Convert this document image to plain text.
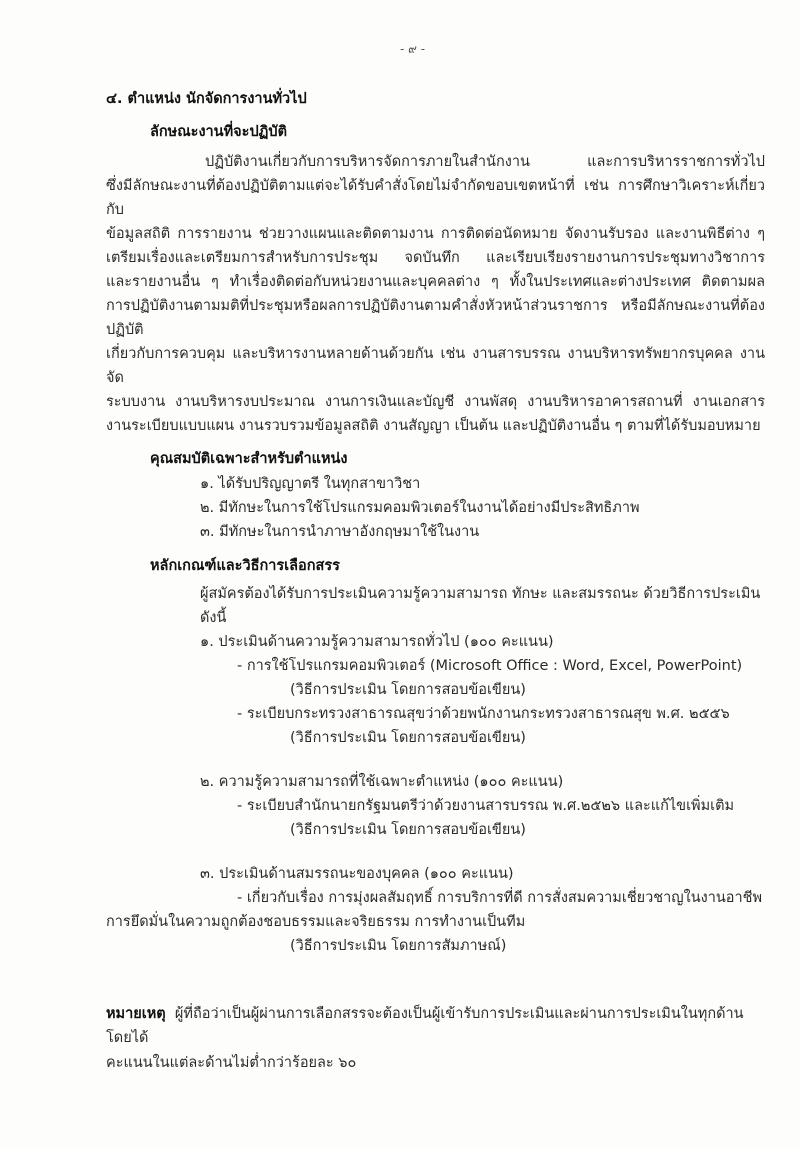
- ๙ -
๔. ตำแหน่ง นักจัดการงานทั่วไป
ลักษณะงานที่จะปฏิบัติ
ปฏิบัติงานเกี่ยวกับการบริหารจัดการภายในสำนักงาน และการบริหารราชการทั่วไป
ซึ่งมีลักษณะงานที่ต้องปฏิบัติตามแต่จะได้รับคำสั่งโดยไม่จำกัดขอบเขตหน้าที่ เช่น การศึกษาวิเคราะห์เกี่ยวกับ
ข้อมูลสถิติ การรายงาน ช่วยวางแผนและติดตามงาน การติดต่อนัดหมาย จัดงานรับรอง และงานพิธีต่าง ๆ
เตรียมเรื่องและเตรียมการสำหรับการประชุม จดบันทึก และเรียบเรียงรายงานการประชุมทางวิชาการ
และรายงานอื่น ๆ ทำเรื่องติดต่อกับหน่วยงานและบุคคลต่าง ๆ ทั้งในประเทศและต่างประเทศ ติดตามผล
การปฏิบัติงานตามมติที่ประชุมหรือผลการปฏิบัติงานตามคำสั่งหัวหน้าส่วนราชการ หรือมีลักษณะงานที่ต้องปฏิบัติ
เกี่ยวกับการควบคุม และบริหารงานหลายด้านด้วยกัน เช่น งานสารบรรณ งานบริหารทรัพยากรบุคคล งานจัด
ระบบงาน งานบริหารงบประมาณ งานการเงินและบัญชี งานพัสดุ งานบริหารอาคารสถานที่ งานเอกสาร
งานระเบียบแบบแผน งานรวบรวมข้อมูลสถิติ งานสัญญา เป็นต้น และปฏิบัติงานอื่น ๆ ตามที่ได้รับมอบหมาย
คุณสมบัติเฉพาะสำหรับตำแหน่ง
๑. ได้รับปริญญาตรี ในทุกสาขาวิชา
๒. มีทักษะในการใช้โปรแกรมคอมพิวเตอร์ในงานได้อย่างมีประสิทธิภาพ
๓. มีทักษะในการนำภาษาอังกฤษมาใช้ในงาน
หลักเกณฑ์และวิธีการเลือกสรร
ผู้สมัครต้องได้รับการประเมินความรู้ความสามารถ ทักษะ และสมรรถนะ ด้วยวิธีการประเมิน ดังนี้
๑. ประเมินด้านความรู้ความสามารถทั่วไป (๑๐๐ คะแนน)
- การใช้โปรแกรมคอมพิวเตอร์ (Microsoft Office : Word, Excel, PowerPoint)
(วิธีการประเมิน โดยการสอบข้อเขียน)
- ระเบียบกระทรวงสาธารณสุขว่าด้วยพนักงานกระทรวงสาธารณสุข พ.ศ. ๒๕๕๖
(วิธีการประเมิน โดยการสอบข้อเขียน)
๒. ความรู้ความสามารถที่ใช้เฉพาะตำแหน่ง (๑๐๐ คะแนน)
- ระเบียบสำนักนายกรัฐมนตรีว่าด้วยงานสารบรรณ พ.ศ.๒๕๒๖ และแก้ไขเพิ่มเติม
(วิธีการประเมิน โดยการสอบข้อเขียน)
๓. ประเมินด้านสมรรถนะของบุคคล (๑๐๐ คะแนน)
- เกี่ยวกับเรื่อง การมุ่งผลสัมฤทธิ์ การบริการที่ดี การสั่งสมความเชี่ยวชาญในงานอาชีพ
การยึดมั่นในความถูกต้องชอบธรรมและจริยธรรม การทำงานเป็นทีม
(วิธีการประเมิน โดยการสัมภาษณ์)
หมายเหตุ ผู้ที่ถือว่าเป็นผู้ผ่านการเลือกสรรจะต้องเป็นผู้เข้ารับการประเมินและผ่านการประเมินในทุกด้าน โดยได้
คะแนนในแต่ละด้านไม่ต่ำกว่าร้อยละ ๖๐
